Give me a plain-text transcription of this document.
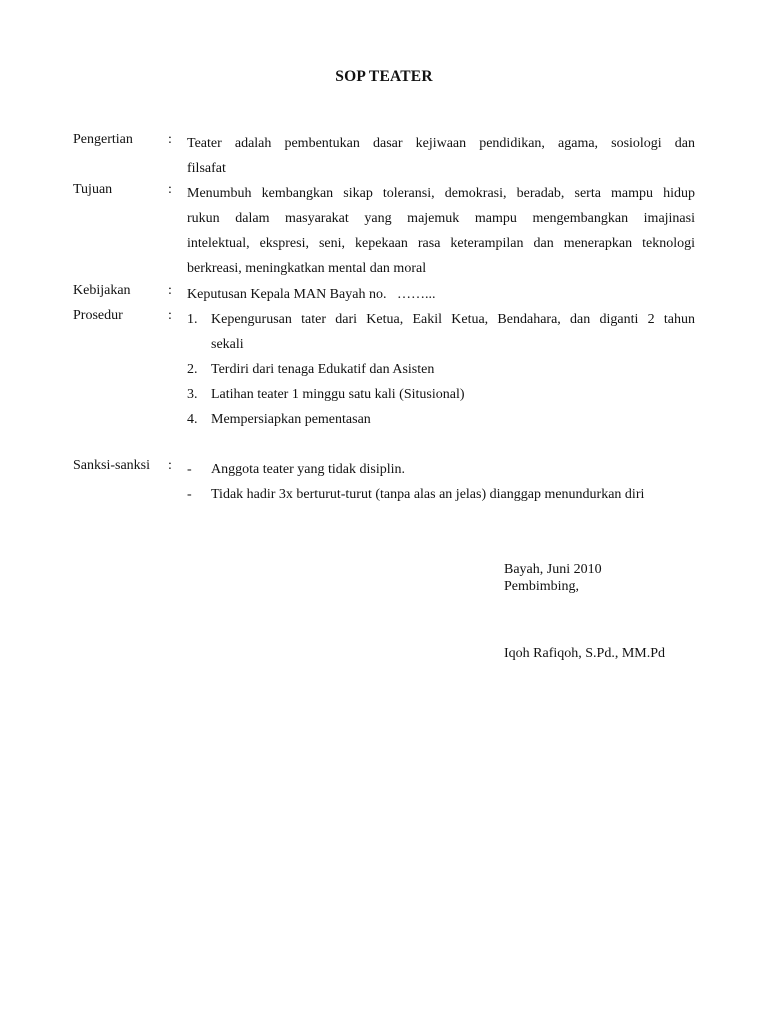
SOP TEATER
Pengertian	:	Teater adalah pembentukan dasar kejiwaan pendidikan, agama, sosiologi dan
filsafat
Tujuan	:	Menumbuh kembangkan sikap toleransi, demokrasi, beradab, serta mampu hidup
rukun dalam masyarakat yang majemuk mampu mengembangkan imajinasi
intelektual, ekspresi, seni, kepekaan rasa keterampilan dan menerapkan teknologi
berkreasi, meningkatkan mental dan moral
Kebijakan	:	Keputusan Kepala MAN Bayah no.   ……...
Prosedur	:	1. Kepengurusan tater dari Ketua, Eakil Ketua, Bendahara, dan diganti 2 tahun
sekali
2. Terdiri dari tenaga Edukatif dan Asisten
3. Latihan teater 1 minggu satu kali (Situsional)
4. Mempersiapkan pementasan
Sanksi-sanksi	:	- Anggota teater yang tidak disiplin.
- Tidak hadir 3x berturut-turut (tanpa alas an jelas) dianggap menundurkan diri
Bayah, Juni 2010
Pembimbing,
Iqoh Rafiqoh, S.Pd., MM.Pd
